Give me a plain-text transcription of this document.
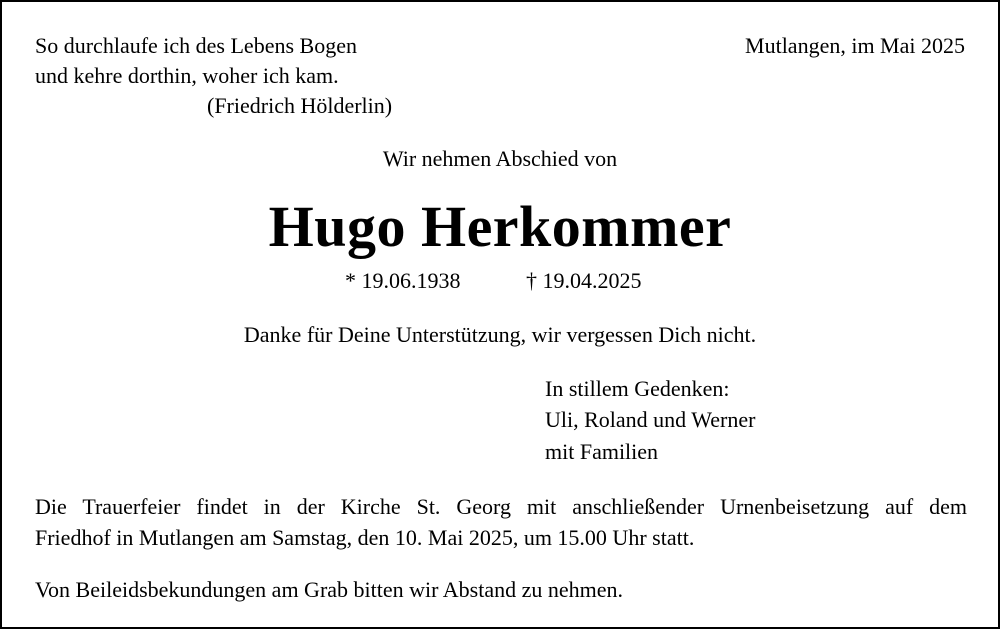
So durchlaufe ich des Lebens Bogen
und kehre dorthin, woher ich kam.
(Friedrich Hölderlin)
Mutlangen, im Mai 2025
Wir nehmen Abschied von
Hugo Herkommer
* 19.06.1938	† 19.04.2025
Danke für Deine Unterstützung, wir vergessen Dich nicht.
In stillem Gedenken:
Uli, Roland und Werner
mit Familien
Die Trauerfeier findet in der Kirche St. Georg mit anschließender Urnenbeisetzung auf dem
Friedhof in Mutlangen am Samstag, den 10. Mai 2025, um 15.00 Uhr statt.
Von Beileidsbekundungen am Grab bitten wir Abstand zu nehmen.
